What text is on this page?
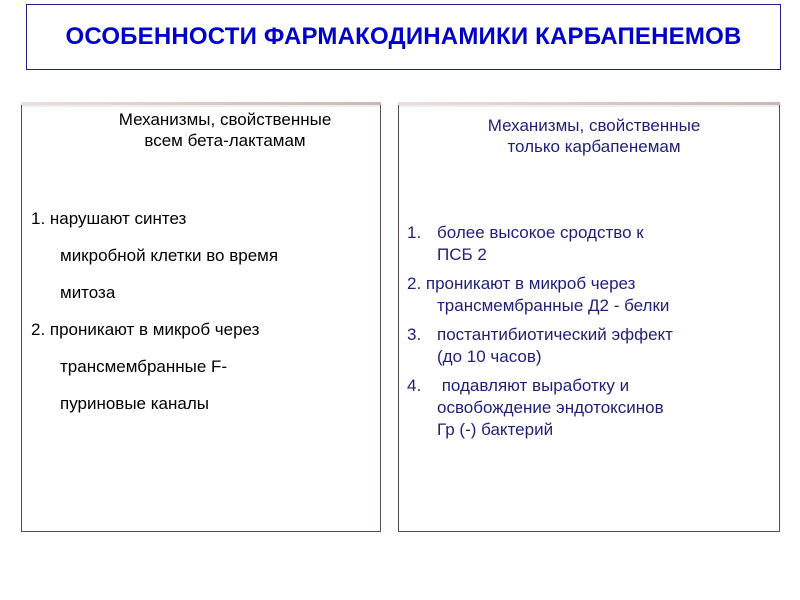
ОСОБЕННОСТИ ФАРМАКОДИНАМИКИ КАРБАПЕНЕМОВ
Механизмы, свойственные
всем бета-лактамам
1. нарушают синтез
микробной клетки во время
митоза
2. проникают в микроб через
трансмембранные F-
пуриновые каналы
Механизмы, свойственные
только карбапенемам
1. более высокое сродство к
ПСБ 2
2. проникают в микроб через
трансмембранные Д2 - белки
3. постантибиотический эффект
(до 10 часов)
4. подавляют выработку и
освобождение эндотоксинов
Гр (-) бактерий
